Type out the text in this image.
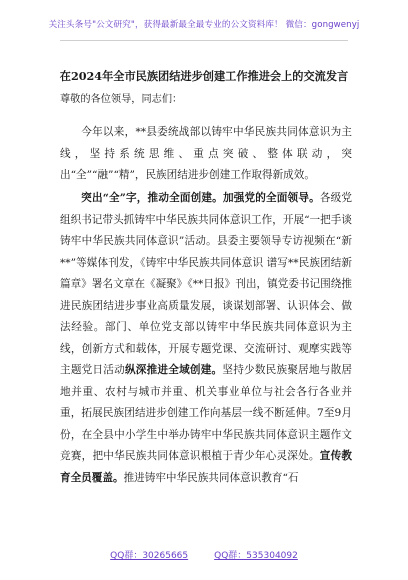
关注头条号"公文研究"，获得最新最全最专业的公文资料库！ 微信：gongwenyj
在2024年全市民族团结进步创建工作推进会上的交流发言
尊敬的各位领导，同志们：

今年以来，**县委统战部以铸牢中华民族共同体意识为主线，坚持系统思维、重点突破、整体联动，突出“全”“融”“精”，民族团结进步创建工作取得新成效。

突出“全”字，推动全面创建。加强党的全面领导。各级党组织书记带头抓铸牢中华民族共同体意识工作，开展“一把手谈铸牢中华民族共同体意识”活动。县委主要领导专访视频在“新**”等媒体刊发，《铸牢中华民族共同体意识 谱写**民族团结新篇章》署名文章在《凝聚》《**日报》刊出，镇党委书记围绕推进民族团结进步事业高质量发展，谈谋划部署、认识体会、做法经验。部门、单位党支部以铸牢中华民族共同体意识为主线，创新方式和载体，开展专题党课、交流研讨、观摩实践等主题党日活动纵深推进全域创建。坚持少数民族聚居地与散居地并重、农村与城市并重、机关事业单位与社会各行各业并重，拓展民族团结进步创建工作向基层一线不断延伸。7至9月份，在全县中小学生中举办铸牢中华民族共同体意识主题作文竞赛，把中华民族共同体意识根植于青少年心灵深处。宣传教育全员覆盖。推进铸牢中华民族共同体意识教育“石

QQ群：30265665	QQ群：535304092
